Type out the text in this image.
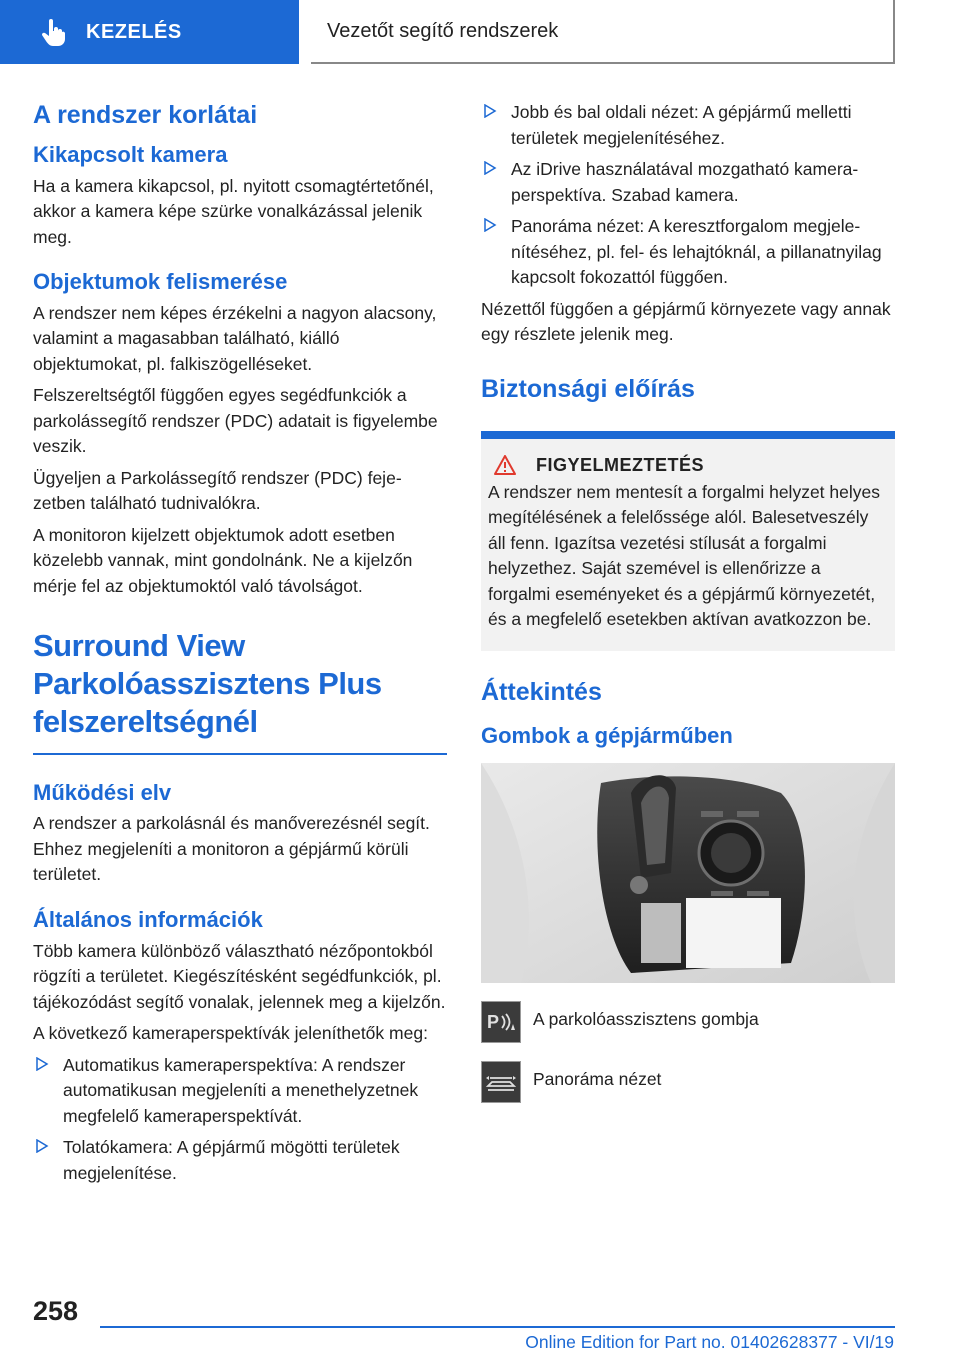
KEZELÉS	Vezetőt segítő rendszerek
A rendszer korlátai
Kikapcsolt kamera

Ha a kamera kikapcsol, pl. nyitott csomagtértetőnél, akkor a kamera képe szürke vonalkázással jelenik meg.

Objektumok felismerése

A rendszer nem képes érzékelni a nagyon alacsony, valamint a magasabban található, kiálló objektumokat, pl. falkiszögelléseket.

Felszereltségtől függően egyes segédfunkciók a parkolássegítő rendszer (PDC) adatait is figyelembe veszik.

Ügyeljen a Parkolássegítő rendszer (PDC) fejezetben található tudnivalókra.

A monitoron kijelzett objektumok adott esetben közelebb vannak, mint gondolnánk. Ne a kijelzőn mérje fel az objektumoktól való távolságot.

Surround View
Parkolóasszisztens Plus
felszereltségnél
Működési elv

A rendszer a parkolásnál és manőverezésnél segít. Ehhez megjeleníti a monitoron a gépjármű körüli területet.

Általános információk

Több kamera különböző választható nézőpontokból rögzíti a területet. Kiegészítésként segédfunkciók, pl. tájékozódást segítő vonalak, jelennek meg a kijelzőn.

A következő kameraperspektívák jeleníthetők meg:

Automatikus kameraperspektíva: A rendszer automatikusan megjeleníti a menethelyzetnek megfelelő kameraperspektívát.
Tolatókamera: A gépjármű mögötti területek megjelenítése.
Jobb és bal oldali nézet: A gépjármű melletti területek megjelenítéséhez.
Az iDrive használatával mozgatható kameraperspektíva. Szabad kamera.
Panoráma nézet: A keresztforgalom megjelenítéséhez, pl. fel- és lehajtóknál, a pillanatnyilag kapcsolt fokozattól függően.

Nézettől függően a gépjármű környezete vagy annak egy részlete jelenik meg.

Biztonsági előírás
FIGYELMEZTETÉS

A rendszer nem mentesít a forgalmi helyzet helyes megítélésének a felelőssége alól. Balesetveszély áll fenn. Igazítsa vezetési stílusát a forgalmi helyzethez. Saját szemével is ellenőrizze a forgalmi eseményeket és a gépjármű környezetét, és a megfelelő esetekben aktívan avatkozzon be.

Áttekintés
Gombok a gépjárműben
P A parkolóasszisztens gombja
Panoráma nézet
258
Online Edition for Part no. 01402628377 - VI/19
